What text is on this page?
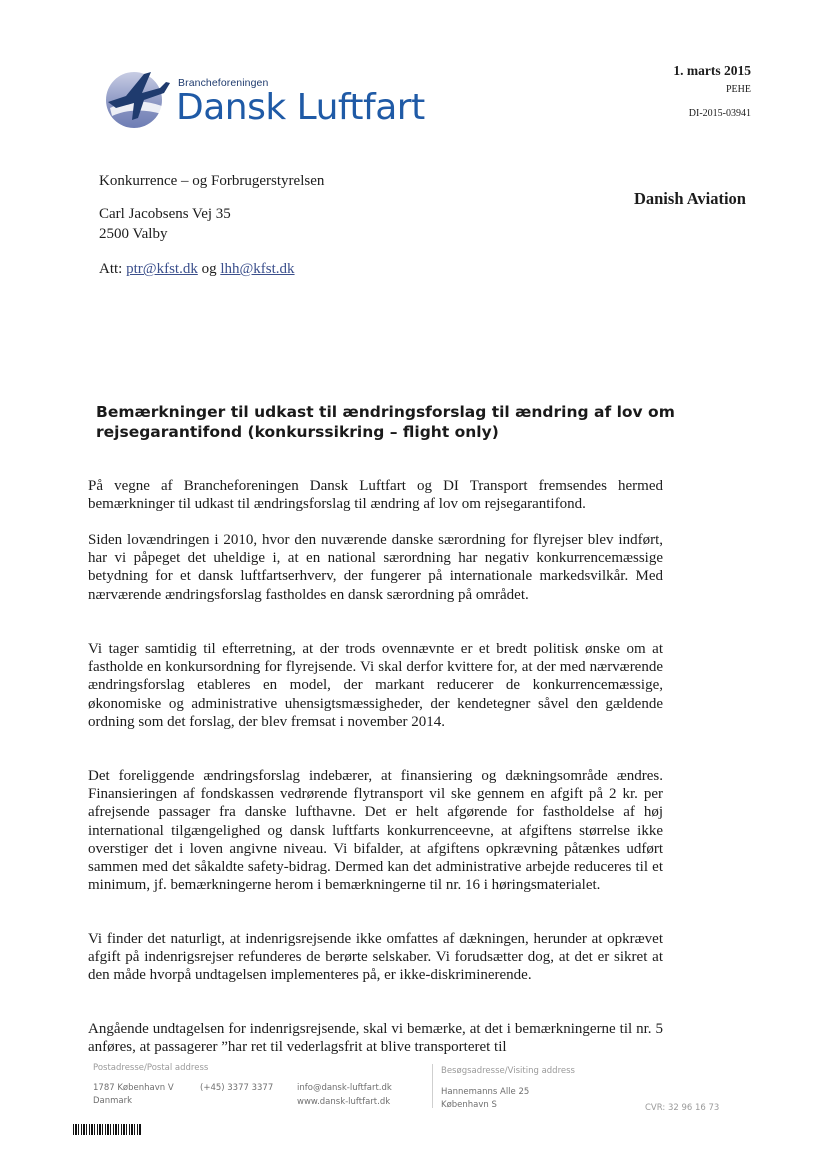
Brancheforeningen
Dansk Luftfart
1. marts 2015
PEHE
DI-2015-03941
Danish Aviation
Konkurrence – og Forbrugerstyrelsen
Carl Jacobsens Vej 35
2500 Valby
Att: ptr@kfst.dk og lhh@kfst.dk
Bemærkninger til udkast til ændringsforslag til ændring af lov om rejsegarantifond (konkurssikring – flight only)
På vegne af Brancheforeningen Dansk Luftfart og DI Transport fremsendes hermed bemærkninger til udkast til ændringsforslag til ændring af lov om rejsegarantifond.
Siden lovændringen i 2010, hvor den nuværende danske særordning for flyrejser blev indført, har vi påpeget det uheldige i, at en national særordning har negativ konkurrencemæssige betydning for et dansk luftfartserhverv, der fungerer på internationale markedsvilkår. Med nærværende ændringsforslag fastholdes en dansk særordning på området.
Vi tager samtidig til efterretning, at der trods ovennævnte er et bredt politisk ønske om at fastholde en konkursordning for flyrejsende. Vi skal derfor kvittere for, at der med nærværende ændringsforslag etableres en model, der markant reducerer de konkurrencemæssige, økonomiske og administrative uhensigtsmæssigheder, der kendetegner såvel den gældende ordning som det forslag, der blev fremsat i november 2014.
Det foreliggende ændringsforslag indebærer, at finansiering og dækningsområde ændres. Finansieringen af fondskassen vedrørende flytransport vil ske gennem en afgift på 2 kr. per afrejsende passager fra danske lufthavne. Det er helt afgørende for fastholdelse af høj international tilgængelighed og dansk luftfarts konkurrenceevne, at afgiftens størrelse ikke overstiger det i loven angivne niveau. Vi bifalder, at afgiftens opkrævning påtænkes udført sammen med det såkaldte safety-bidrag. Dermed kan det administrative arbejde reduceres til et minimum, jf. bemærkningerne herom i bemærkningerne til nr. 16 i høringsmaterialet.
Vi finder det naturligt, at indenrigsrejsende ikke omfattes af dækningen, herunder at opkrævet afgift på indenrigsrejser refunderes de berørte selskaber. Vi forudsætter dog, at det er sikret at den måde hvorpå undtagelsen implementeres på, er ikke-diskriminerende.
Angående undtagelsen for indenrigsrejsende, skal vi bemærke, at det i bemærkningerne til nr. 5 anføres, at passagerer ”har ret til vederlagsfrit at blive transporteret til
Postadresse/Postal address
1787 København V
Danmark
(+45) 3377 3377	info@dansk-luftfart.dk
www.dansk-luftfart.dk
Besøgsadresse/Visiting address
Hannemanns Alle 25
København S	CVR: 32 96 16 73
